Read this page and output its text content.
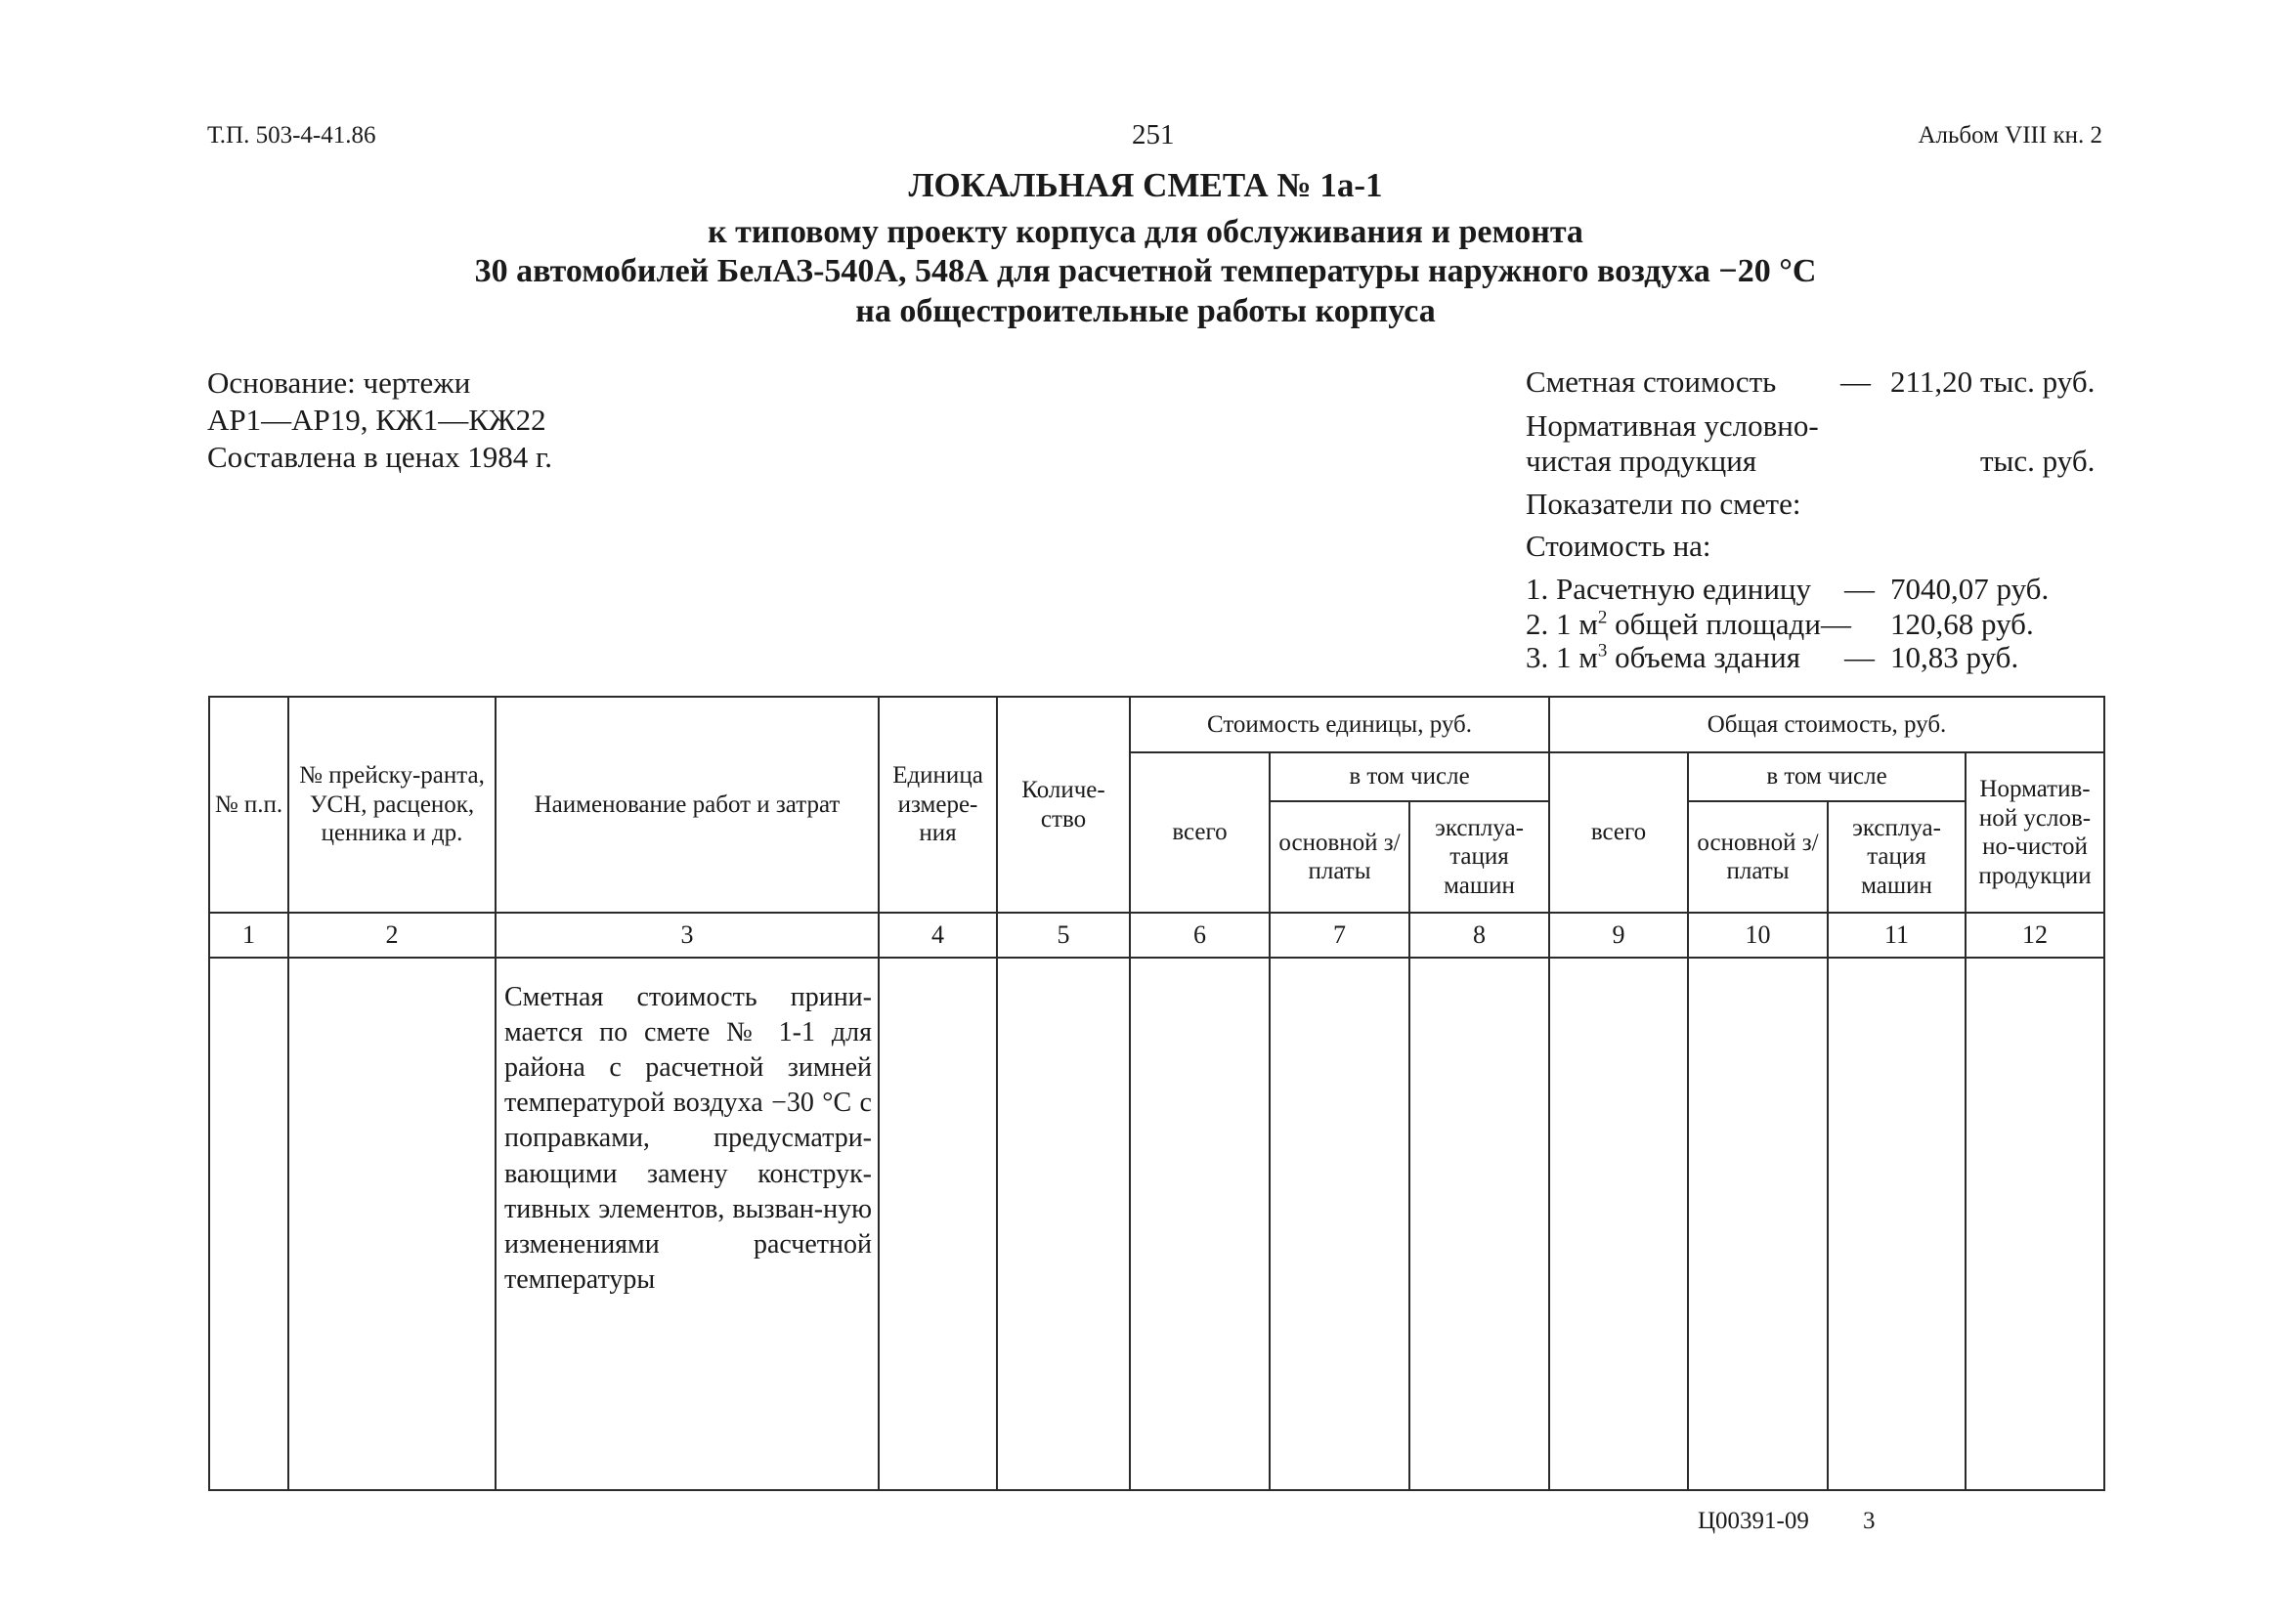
Т.П. 503-4-41.86	251	Альбом VIII кн. 2
ЛОКАЛЬНАЯ СМЕТА № 1а-1
к типовому проекту корпуса для обслуживания и ремонта
30 автомобилей БелАЗ-540А, 548А для расчетной температуры наружного воздуха −20 °С
на общестроительные работы корпуса
Основание: чертежи
АР1—АР19, КЖ1—КЖ22
Составлена в ценах 1984 г.
Сметная стоимость — 211,20 тыс. руб.
Нормативная условно-
чистая продукция	тыс. руб.
Показатели по смете:
Стоимость на:
1. Расчетную единицу — 7040,07 руб.
2. 1 $м^2$ общей площади — 120,68 руб.
3. 1 $м^3$ объема здания — 10,83 руб.
№ п.п.	№ прейску-ранта, УСН, расценок, ценника и др.	Наименование работ и затрат	Единица измере-ния	Количе-ство	Стоимость единицы, руб.			Общая стоимость, руб.			
					всего	в том числе		всего	в том числе		Норматив-ной услов-но-чистой продукции
						основной з/платы	эксплуа-тация машин		основной з/платы	эксплуа-тация машин	
1	2	3	4	5	6	7	8	9	10	11	12
		Сметная стоимость прини-мается по смете № 1-1 для района с расчетной зимней температурой воздуха −30 °С с поправками, предусматри-вающими замену конструк-тивных элементов, вызван-ную изменениями расчетной температуры									
Ц00391-09 3
